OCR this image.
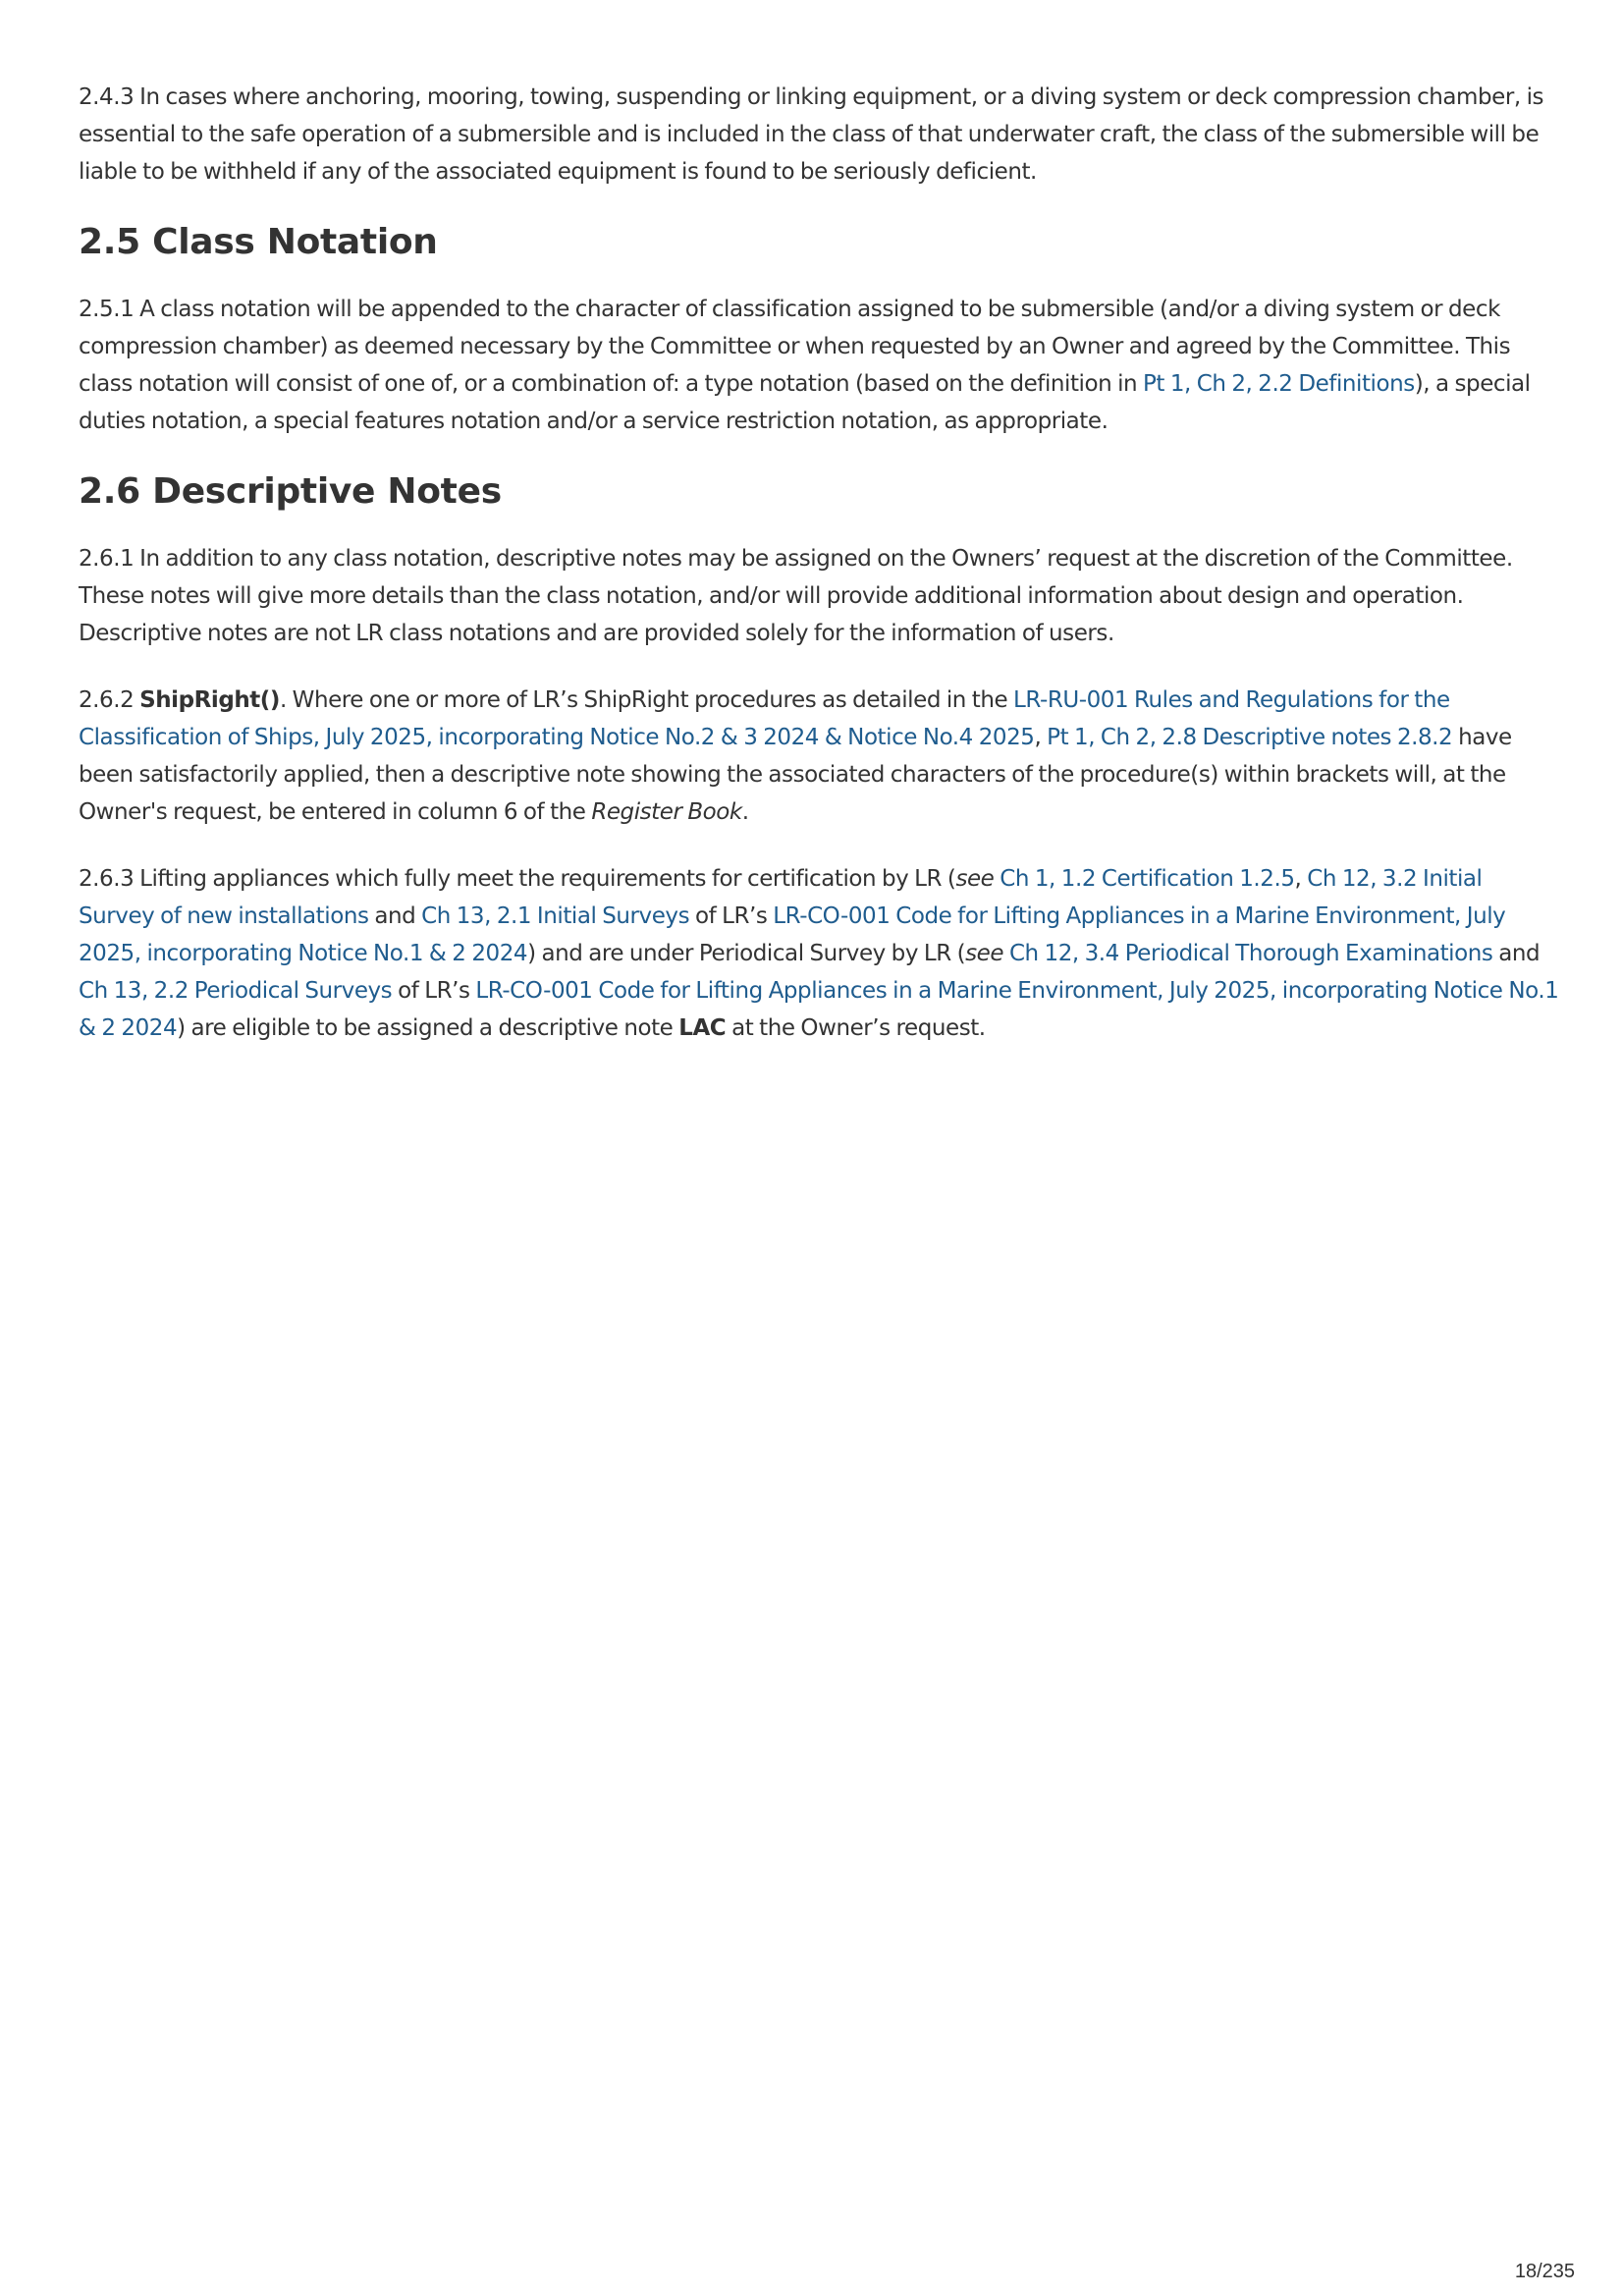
2.4.3 In cases where anchoring, mooring, towing, suspending or linking equipment, or a diving system or deck compression chamber, is essential to the safe operation of a submersible and is included in the class of that underwater craft, the class of the submersible will be liable to be withheld if any of the associated equipment is found to be seriously deficient.

2.5 Class Notation

2.5.1 A class notation will be appended to the character of classification assigned to be submersible (and/or a diving system or deck compression chamber) as deemed necessary by the Committee or when requested by an Owner and agreed by the Committee. This class notation will consist of one of, or a combination of: a type notation (based on the definition in Pt 1, Ch 2, 2.2 Definitions), a special duties notation, a special features notation and/or a service restriction notation, as appropriate.

2.6 Descriptive Notes

2.6.1 In addition to any class notation, descriptive notes may be assigned on the Owners’ request at the discretion of the Committee. These notes will give more details than the class notation, and/or will provide additional information about design and operation. Descriptive notes are not LR class notations and are provided solely for the information of users.

2.6.2 ShipRight(). Where one or more of LR’s ShipRight procedures as detailed in the LR-RU-001 Rules and Regulations for the Classification of Ships, July 2025, incorporating Notice No.2 & 3 2024 & Notice No.4 2025, Pt 1, Ch 2, 2.8 Descriptive notes 2.8.2 have been satisfactorily applied, then a descriptive note showing the associated characters of the procedure(s) within brackets will, at the Owner's request, be entered in column 6 of the Register Book.

2.6.3 Lifting appliances which fully meet the requirements for certification by LR (see Ch 1, 1.2 Certification 1.2.5, Ch 12, 3.2 Initial Survey of new installations and Ch 13, 2.1 Initial Surveys of LR’s LR-CO-001 Code for Lifting Appliances in a Marine Environment, July 2025, incorporating Notice No.1 & 2 2024) and are under Periodical Survey by LR (see Ch 12, 3.4 Periodical Thorough Examinations and Ch 13, 2.2 Periodical Surveys of LR’s LR-CO-001 Code for Lifting Appliances in a Marine Environment, July 2025, incorporating Notice No.1 & 2 2024) are eligible to be assigned a descriptive note LAC at the Owner’s request.

18/235
